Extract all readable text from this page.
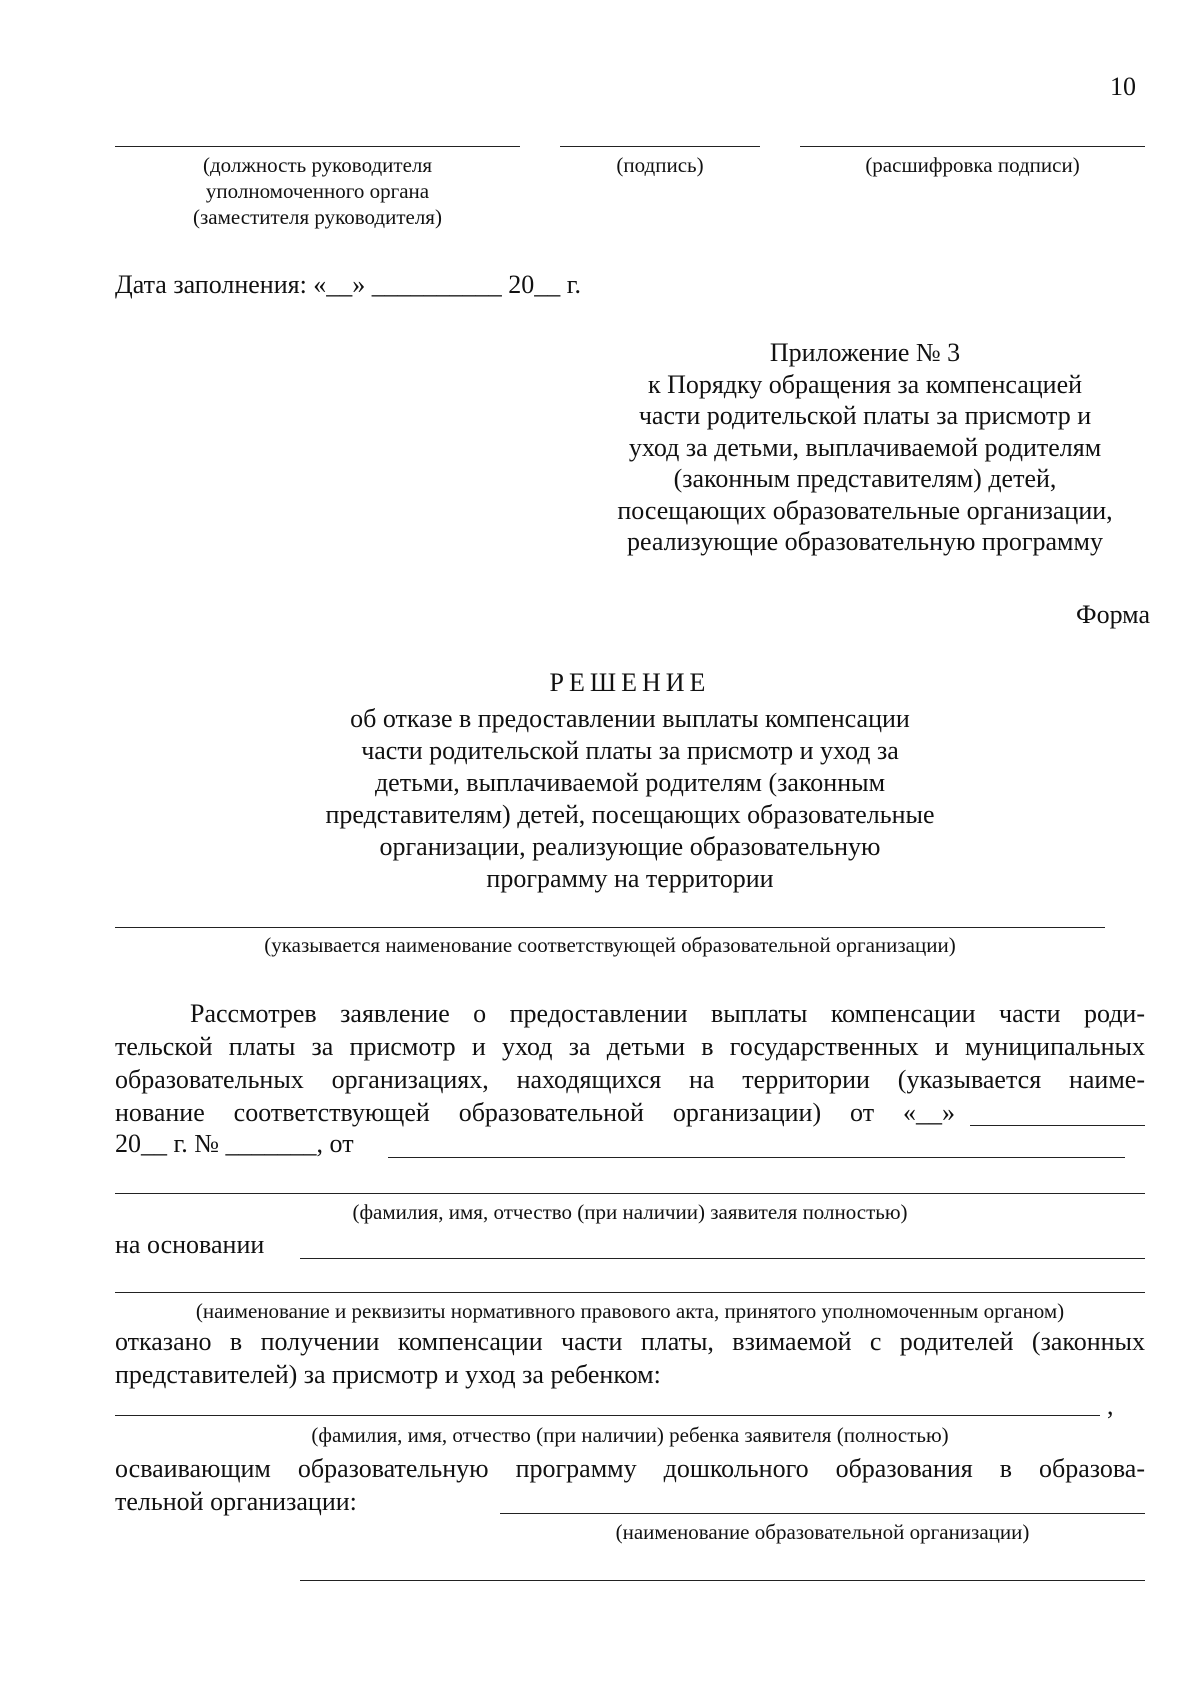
10
(должность руководителя
уполномоченного органа
(заместителя руководителя)
(подпись)	(расшифровка подписи)
Дата заполнения: «__» __________ 20__ г.
Приложение № 3
к Порядку обращения за компенсацией
части родительской платы за присмотр и
уход за детьми, выплачиваемой родителям
(законным представителям) детей,
посещающих образовательные организации,
реализующие образовательную программу
Форма
РЕШЕНИЕ
об отказе в предоставлении выплаты компенсации
части родительской платы за присмотр и уход за
детьми, выплачиваемой родителям (законным
представителям) детей, посещающих образовательные
организации, реализующие образовательную
программу на территории
(указывается наименование соответствующей образовательной организации)
Рассмотрев заявление о предоставлении выплаты компенсации части роди-
тельской платы за присмотр и уход за детьми в государственных и муниципальных
образовательных организациях, находящихся на территории (указывается наиме-
нование соответствующей образовательной организации) от «__»
20__ г. № _______, от
(фамилия, имя, отчество (при наличии) заявителя полностью)
на основании
(наименование и реквизиты нормативного правового акта, принятого уполномоченным органом)
отказано в получении компенсации части платы, взимаемой с родителей (законных
представителей) за присмотр и уход за ребенком:
,
(фамилия, имя, отчество (при наличии) ребенка заявителя (полностью)
осваивающим образовательную программу дошкольного образования в образова-
тельной организации:
(наименование образовательной организации)
